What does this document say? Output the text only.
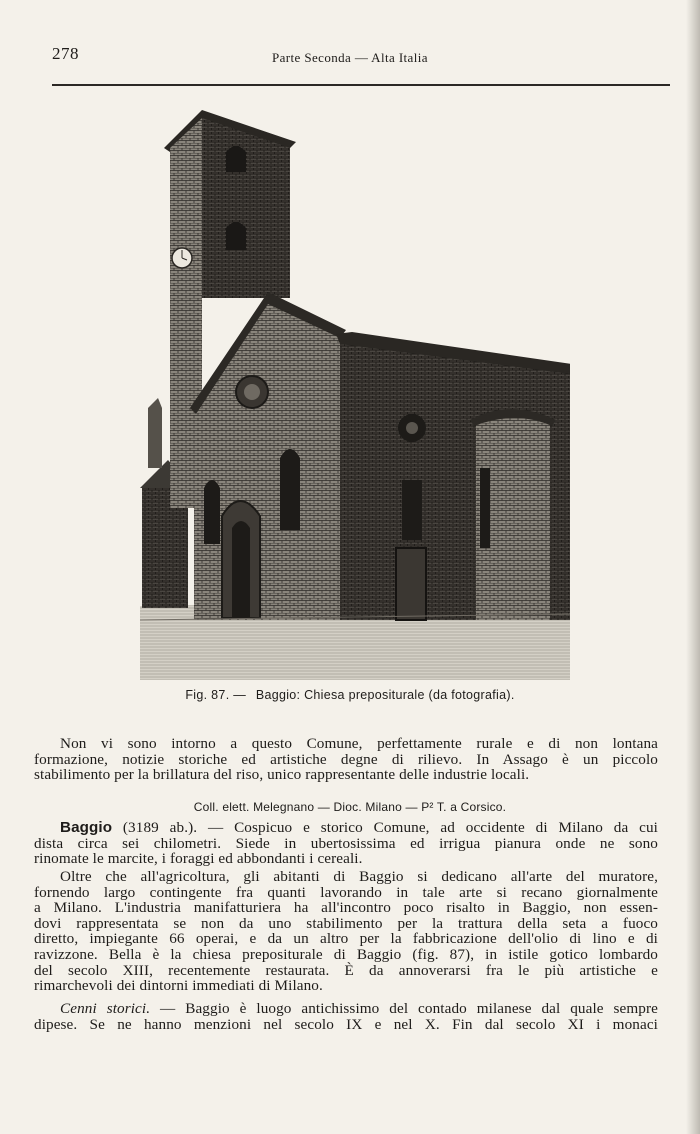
278	Parte Seconda — Alta Italia
Fig. 87. — Baggio: Chiesa prepositurale (da fotografia).
Non vi sono intorno a questo Comune, perfettamente rurale e di non lontana
formazione, notizie storiche ed artistiche degne di rilievo. In Assago è un piccolo
stabilimento per la brillatura del riso, unico rappresentante delle industrie locali.
Coll. elett. Melegnano — Dioc. Milano — P² T. a Corsico.
Baggio (3189 ab.). — Cospicuo e storico Comune, ad occidente di Milano da cui
dista circa sei chilometri. Siede in ubertosissima ed irrigua pianura onde ne sono
rinomate le marcite, i foraggi ed abbondanti i cereali.
Oltre che all'agricoltura, gli abitanti di Baggio si dedicano all'arte del muratore,
fornendo largo contingente fra quanti lavorando in tale arte si recano giornalmente
a Milano. L'industria manifatturiera ha all'incontro poco risalto in Baggio, non essen-
dovi rappresentata se non da uno stabilimento per la trattura della seta a fuoco
diretto, impiegante 66 operai, e da un altro per la fabbricazione dell'olio di lino e di
ravizzone. Bella è la chiesa prepositurale di Baggio (fig. 87), in istile gotico lombardo
del secolo XIII, recentemente restaurata. È da annoverarsi fra le più artistiche e
rimarchevoli dei dintorni immediati di Milano.
Cenni storici. — Baggio è luogo antichissimo del contado milanese dal quale sempre
dipese. Se ne hanno menzioni nel secolo IX e nel X. Fin dal secolo XI i monaci
